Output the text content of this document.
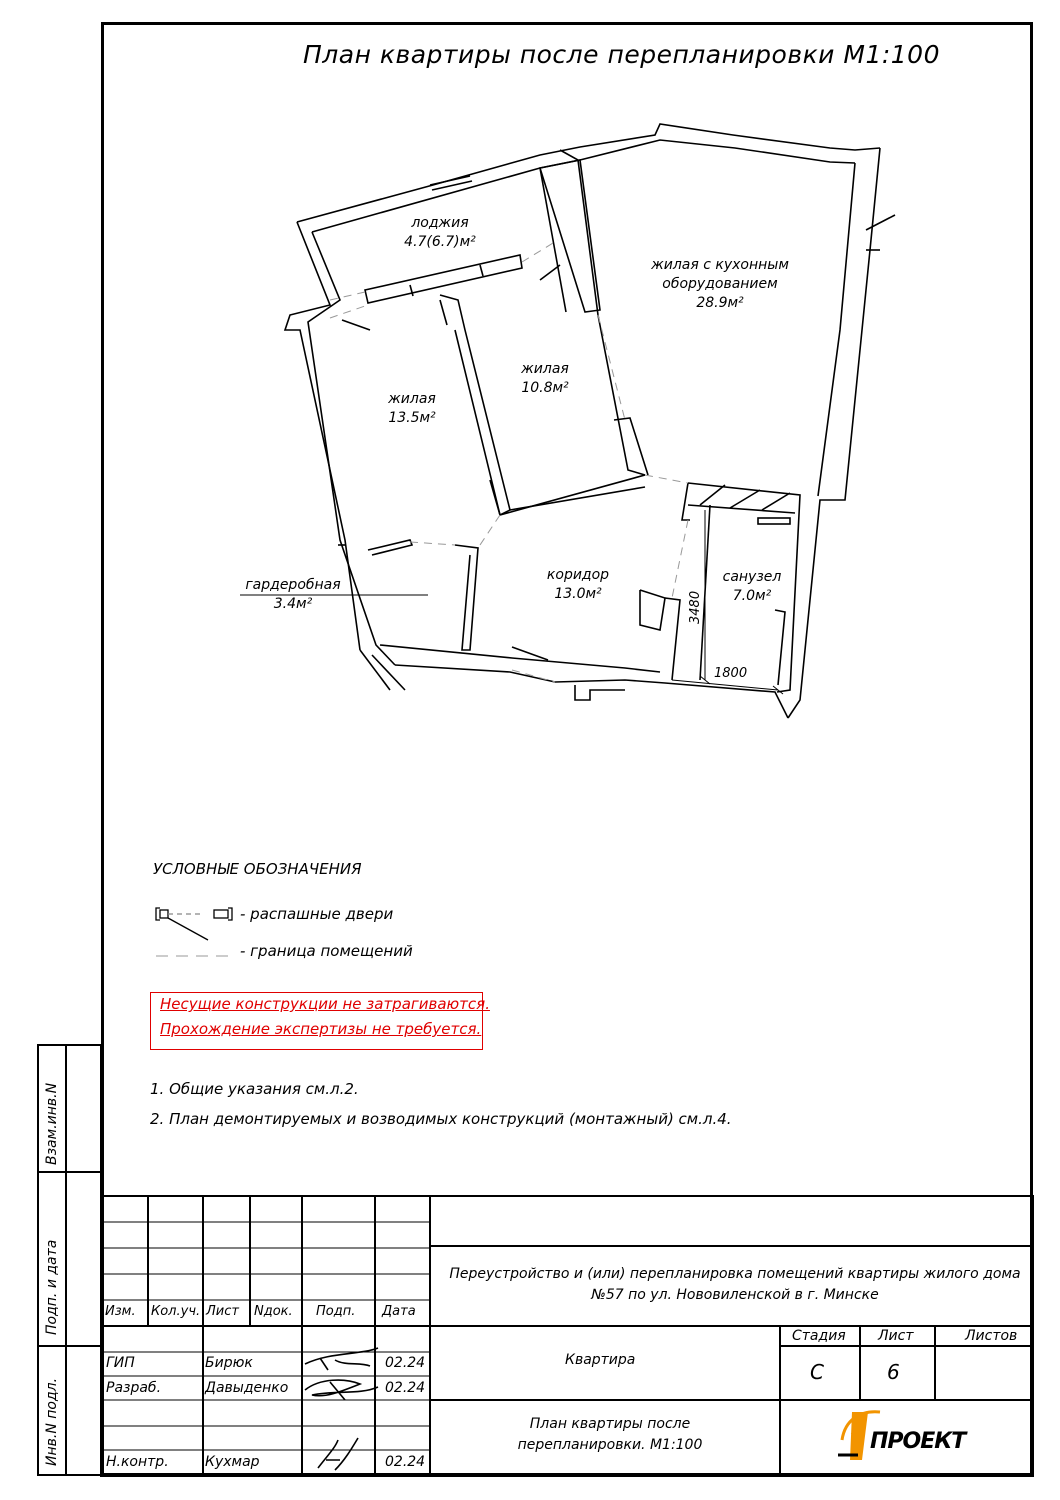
План квартиры после перепланировки М1:100
лоджия
4.7(6.7)м²
жилая с кухонным
оборудованием
28.9м²
жилая
10.8м²
жилая
13.5м²
гардеробная
3.4м²
коридор
13.0м²
санузел
7.0м²
3480
1800
УСЛОВНЫЕ ОБОЗНАЧЕНИЯ
- распашные двери
- граница помещений
Несущие конструкции не затрагиваются.
Прохождение экспертизы не требуется.
1. Общие указания см.л.2.
2. План демонтируемых и возводимых конструкций (монтажный) см.л.4.
Взам.инв.N
Подп. и дата
Инв.N подл.
Изм. Кол.уч. Лист Nдок. Подп. Дата
Переустройство и (или) перепланировка помещений квартиры жилого дома
№57 по ул. Нововиленской в г. Минске
ГИП	Бирюк	02.24
Разраб.	Давыденко	02.24
Н.контр.	Кухмар	02.24
Квартира
Стадия Лист	Листов
С	6
План квартиры после
перепланировки. М1:100
А
ПРОЕКТ
